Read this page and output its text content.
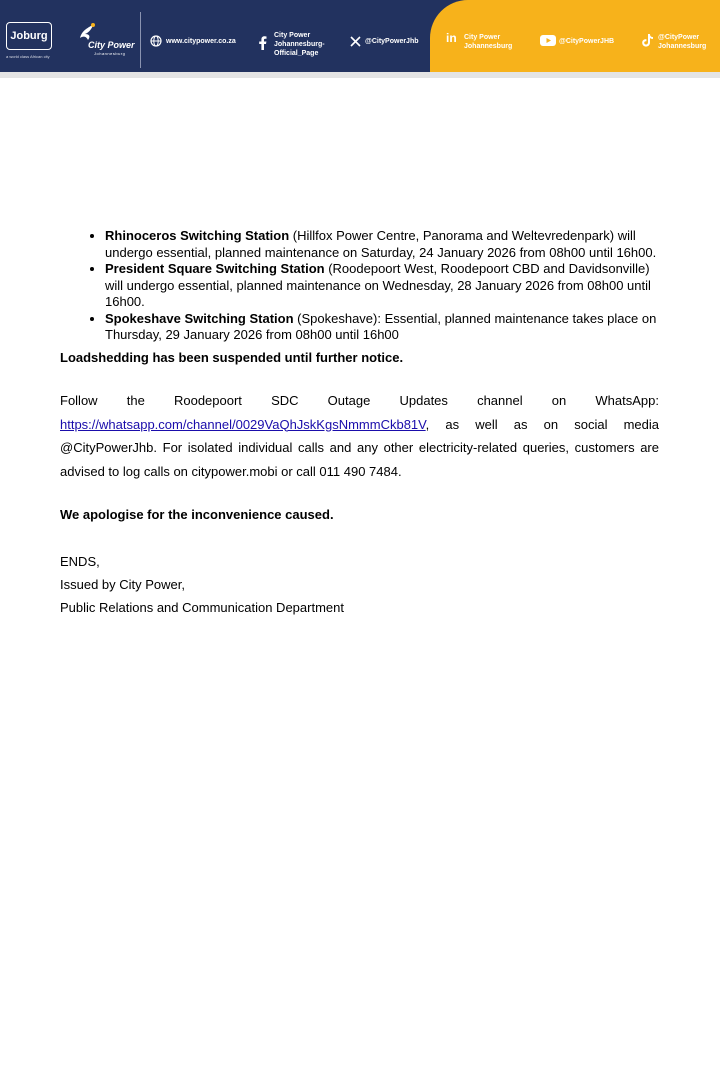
Joburg
a world class African city
City Power
Johannesburg
www.citypower.co.za
City Power
Johannesburg-
Official_Page
@CityPowerJhb in City Power
Johannesburg
@CityPowerJHB
@CityPower
Johannesburg
• Rhinoceros Switching Station (Hillfox Power Centre, Panorama and Weltevredenpark) will undergo essential, planned maintenance on Saturday, 24 January 2026 from 08h00 until 16h00.
• President Square Switching Station (Roodepoort West, Roodepoort CBD and Davidsonville) will undergo essential, planned maintenance on Wednesday, 28 January 2026 from 08h00 until 16h00.
• Spokeshave Switching Station (Spokeshave): Essential, planned maintenance takes place on Thursday, 29 January 2026 from 08h00 until 16h00

Loadshedding has been suspended until further notice.

Follow the Roodepoort SDC Outage Updates channel on WhatsApp: https://whatsapp.com/channel/0029VaQhJskKgsNmmmCkb81V, as well as on social media @CityPowerJhb. For isolated individual calls and any other electricity-related queries, customers are advised to log calls on citypower.mobi or call 011 490 7484.

We apologise for the inconvenience caused.

ENDS,
Issued by City Power,
Public Relations and Communication Department
